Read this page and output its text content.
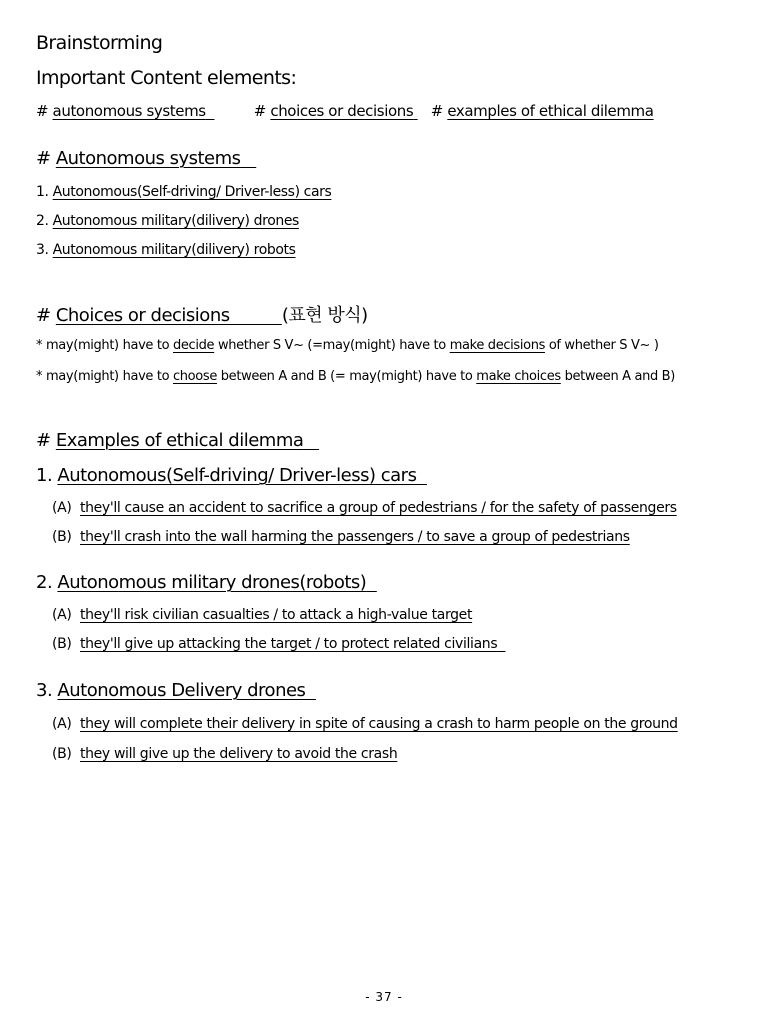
Brainstorming
Important Content elements:
# autonomous systems	# choices or decisions # examples of ethical dilemma
# Autonomous systems
1. Autonomous(Self-driving/ Driver-less) cars
2. Autonomous military(dilivery) drones
3. Autonomous military(dilivery) robots
# Choices or decisions	(표현 방식)
* may(might) have to decide whether S V~ (=may(might) have to make decisions of whether S V~ )
* may(might) have to choose between A and B (= may(might) have to make choices between A and B)
# Examples of ethical dilemma
1. Autonomous(Self-driving/ Driver-less) cars
(A) they'll cause an accident to sacrifice a group of pedestrians / for the safety of passengers
(B) they'll crash into the wall harming the passengers / to save a group of pedestrians
2. Autonomous military drones(robots)
(A) they'll risk civilian casualties / to attack a high-value target
(B) they'll give up attacking the target / to protect related civilians
3. Autonomous Delivery drones
(A) they will complete their delivery in spite of causing a crash to harm people on the ground
(B) they will give up the delivery to avoid the crash
- 37 -
